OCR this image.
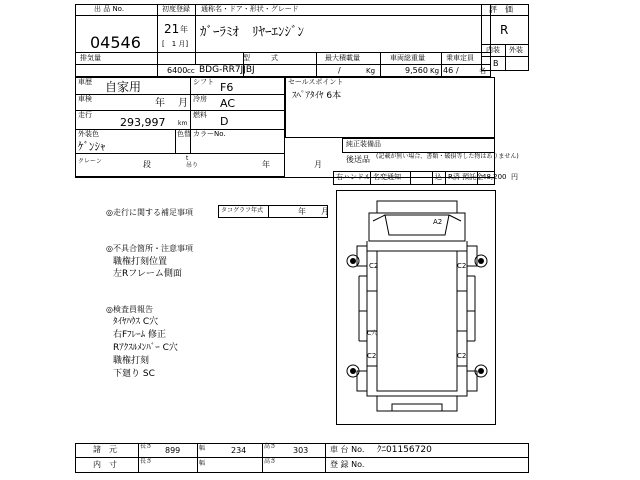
出 品 No.
04546
初度登録
21 年
[　1 月]
通称名・ドア・形状・グレード
ｶﾞｰﾗﾐｵ　ﾘﾔｰｴﾝｼﾞﾝ
排気量
6400 cc
型　　　式
BDG-RR7JJBJ
最大積載量
/	Kg
車両総重量
9,560 Kg
乗車定員
46 /	名
評　価
R
内装 外装
B
車歴 自家用	シフト F6
車検	年 月 冷房 AC
走行
293,997 km
燃料 D
外装色
ｹﾞﾝｼｬ
色替 カラーNo.
クレーン	段
t
吊り	年	月
セールスポイント
ｽﾍﾟｱﾀｲﾔ 6本
純正装備品
後送品 (記載が無い場合、書類・破損等した物はありません)
右ハンドル 名変通知	込 R済 預託金
48,200 円
◎走行に関する補足事項	タコグラフ年式	年 月
◎不具合箇所・注意事項
職権打刻位置
左Rフレーム側面
◎検査員報告
ﾀｲﾔﾊｳｽ C穴
右Fﾌﾚｰﾑ 修正
Rｱｸｽﾙﾒﾝﾊﾞｰ C穴
職権打刻
下廻り SC
A2
C2	C2
C穴
C2	C2
諸　元	長さ 899	幅	234	高さ 303	車 台 No. ｸﾆ01156720
内　寸	長さ	幅	高さ	登 録 No.
